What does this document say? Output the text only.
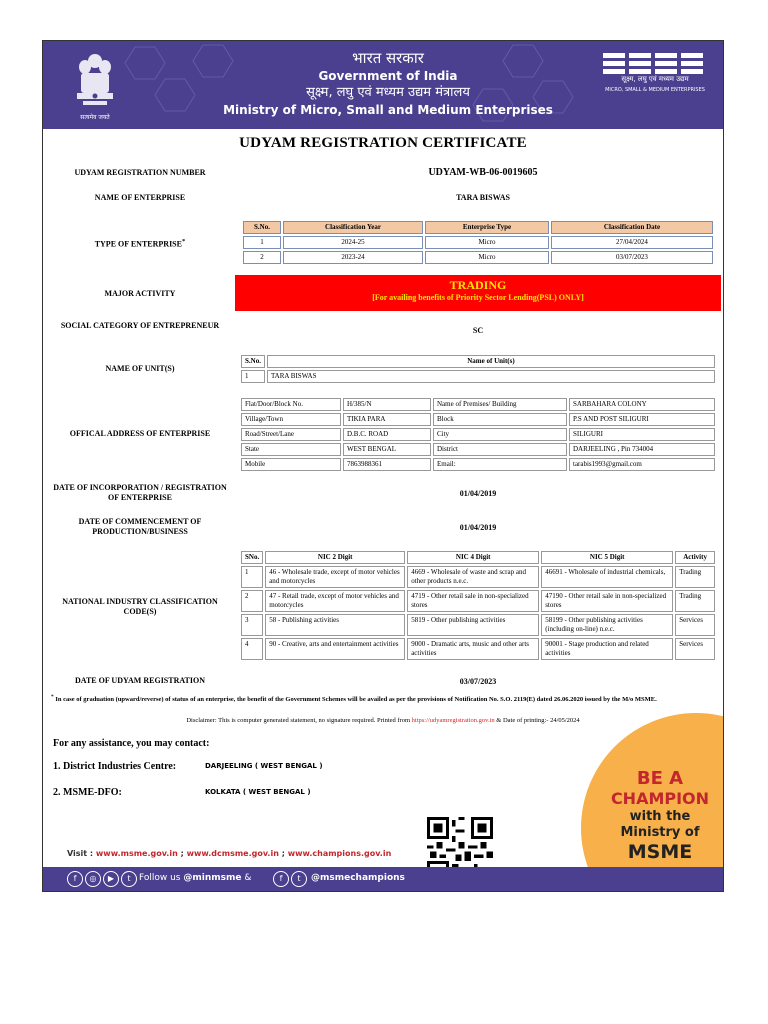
सत्यमेव जयते
भारत सरकार
Government of India
सूक्ष्म, लघु एवं मध्यम उद्यम मंत्रालय
Ministry of Micro, Small and Medium Enterprises
सूक्ष्म, लघु एवं मध्यम उद्यम
MICRO, SMALL & MEDIUM ENTERPRISES
UDYAM REGISTRATION CERTIFICATE
UDYAM REGISTRATION NUMBER	UDYAM-WB-06-0019605
NAME OF ENTERPRISE	TARA BISWAS
TYPE OF ENTERPRISE*
S.No.	Classification Year	Enterprise Type	Classification Date
1	2024-25	Micro	27/04/2024
2	2023-24	Micro	03/07/2023
MAJOR ACTIVITY
TRADING
[For availing benefits of Priority Sector Lending(PSL) ONLY]
SOCIAL CATEGORY OF ENTREPRENEUR
SC
NAME OF UNIT(S)
S.No.	Name of Unit(s)
1	TARA BISWAS
OFFICAL ADDRESS OF ENTERPRISE
Flat/Door/Block No.	H/385/N	Name of Premises/ Building	SARBAHARA COLONY
Village/Town	TIKIA PARA	Block	P.S AND POST SILIGURI
Road/Street/Lane	D.B.C. ROAD	City	SILIGURI
State	WEST BENGAL	District	DARJEELING , Pin 734004
Mobile	7863988361	Email:	tarabis1993@gmail.com
DATE OF INCORPORATION / REGISTRATION OF ENTERPRISE	01/04/2019
DATE OF COMMENCEMENT OF PRODUCTION/BUSINESS	01/04/2019
NATIONAL INDUSTRY CLASSIFICATION CODE(S)
SNo.	NIC 2 Digit	NIC 4 Digit	NIC 5 Digit	Activity
1	46 - Wholesale trade, except of motor vehicles and motorcycles	4669 - Wholesale of waste and scrap and other products n.e.c.	46691 - Wholesale of industrial chemicals,	Trading
2	47 - Retail trade, except of motor vehicles and motorcycles	4719 - Other retail sale in non-specialized stores	47190 - Other retail sale in non-specialized stores	Trading
3	58 - Publishing activities	5819 - Other publishing activities	58199 - Other publishing activities (including on-line) n.e.c.	Services
4	90 - Creative, arts and entertainment activities	9000 - Dramatic arts, music and other arts activities	90001 - Stage production and related activities	Services
DATE OF UDYAM REGISTRATION	03/07/2023
* In case of graduation (upward/reverse) of status of an enterprise, the benefit of the Government Schemes will be availed as per the provisions of Notification No. S.O. 2119(E) dated 26.06.2020 issued by the M/o MSME.
Disclaimer: This is computer generated statement, no signature required. Printed from https://udyamregistration.gov.in & Date of printing:- 24/05/2024
BE A
CHAMPION
with the
Ministry of
MSME
For any assistance, you may contact:
1. District Industries Centre:	DARJEELING ( WEST BENGAL )
2. MSME-DFO:	KOLKATA ( WEST BENGAL )
Visit : www.msme.gov.in ; www.dcmsme.gov.in ; www.champions.gov.in
f	◎	▶	t Follow us @minmsme &	f	t	@msmechampions
